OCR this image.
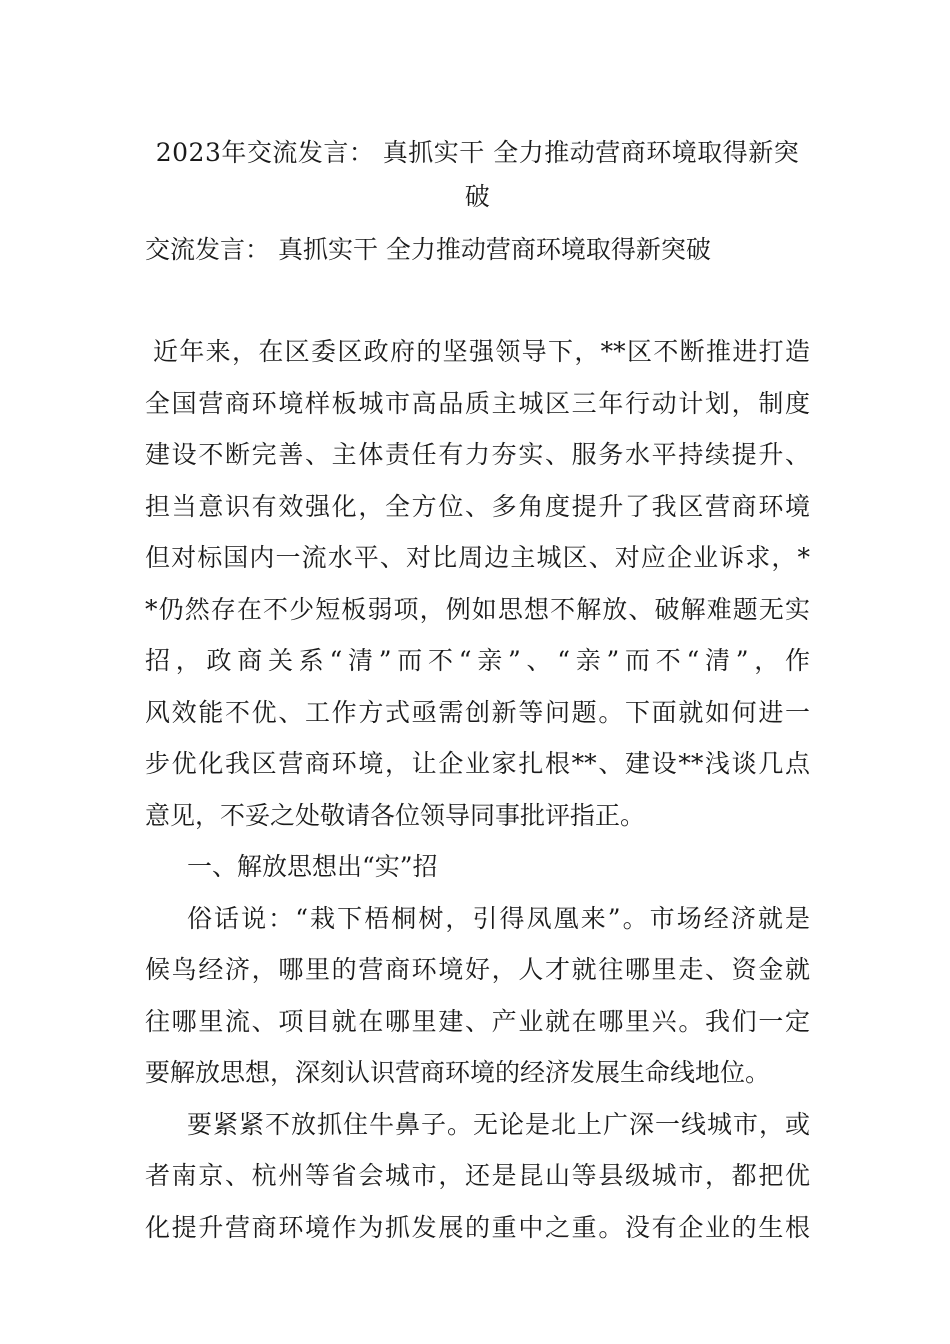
2023年交流发言： 真抓实干 全力推动营商环境取得新突
破
交流发言： 真抓实干 全力推动营商环境取得新突破
近年来，在区委区政府的坚强领导下，**区不断推进打造
全国营商环境样板城市高品质主城区三年行动计划，制度
建设不断完善、主体责任有力夯实、服务水平持续提升、
担当意识有效强化，全方位、多角度提升了我区营商环境
但对标国内一流水平、对比周边主城区、对应企业诉求，*
*仍然存在不少短板弱项，例如思想不解放、破解难题无实
招，政商关系“清”而不“亲”、“亲”而不“清”，作
风效能不优、工作方式亟需创新等问题。下面就如何进一
步优化我区营商环境，让企业家扎根**、建设**浅谈几点
意见，不妥之处敬请各位领导同事批评指正。
一、解放思想出“实”招
俗话说：“栽下梧桐树，引得凤凰来”。市场经济就是
候鸟经济，哪里的营商环境好，人才就往哪里走、资金就
往哪里流、项目就在哪里建、产业就在哪里兴。我们一定
要解放思想，深刻认识营商环境的经济发展生命线地位。
要紧紧不放抓住牛鼻子。无论是北上广深一线城市，或
者南京、杭州等省会城市，还是昆山等县级城市，都把优
化提升营商环境作为抓发展的重中之重。没有企业的生根
